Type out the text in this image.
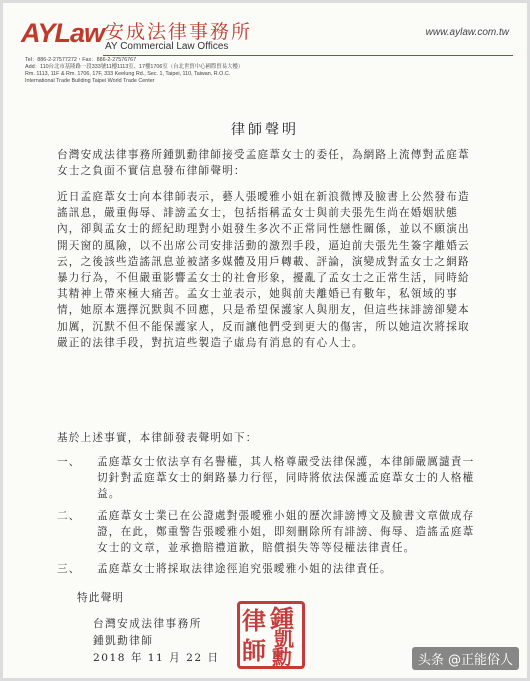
AYLaw 安成法律事務所
AY Commercial Law Offices
www.aylaw.com.tw
Tel：886-2-27577272・Fax：886-2-27576767
Add：110台北市基隆路一段333號11樓1113室、17樓1706室（台北世貿中心國際貿易大樓）
Rm. 1113, 11F & Rm. 1706, 17F, 333 Keelung Rd., Sec. 1, Taipei, 110, Taiwan, R.O.C.
International Trade Building Taipei World Trade Center
律師聲明
台灣安成法律事務所鍾凱勳律師接受孟庭葦女士的委任，為網路上流傳對孟庭葦女士之負面不實信息發布律師聲明：
近日孟庭葦女士向本律師表示，藝人張曖雅小姐在新浪微博及臉書上公然發布造謠訊息，嚴重侮辱、誹謗孟女士，包括指稱孟女士與前夫張先生尚在婚姻狀態內，卻與孟女士的經紀助理對小姐發生多次不正常同性戀性關係，並以不願演出開天窗的風險，以不出席公司安排活動的激烈手段，逼迫前夫張先生簽字離婚云云，之後該些造謠訊息並被諸多媒體及用戶轉載、評論，演變成對孟女士之網路暴力行為，不但嚴重影響孟女士的社會形象，擾亂了孟女士之正常生活，同時給其精神上帶來極大痛苦。孟女士並表示，她與前夫離婚已有數年，私領域的事情，她原本選擇沉默與不回應，只是希望保護家人與朋友，但這些抹誹謗卻變本加厲，沉默不但不能保護家人，反而讓他們受到更大的傷害，所以她這次將採取嚴正的法律手段，對抗這些製造子虛烏有消息的有心人士。
基於上述事實，本律師發表聲明如下：
一、	孟庭葦女士依法享有名譽權，其人格尊嚴受法律保護，本律師嚴厲譴責一切針對孟庭葦女士的網路暴力行徑，同時將依法保護孟庭葦女士的人格權益。
二、	孟庭葦女士業已在公證處對張曖雅小姐的歷次誹謗博文及臉書文章做成存證，在此，鄭重警告張曖雅小姐，即刻刪除所有誹謗、侮辱、造謠孟庭葦女士的文章，並承擔賠禮道歉，賠償損失等等侵權法律責任。
三、	孟庭葦女士將採取法律途徑追究張曖雅小姐的法律責任。
特此聲明
台灣安成法律事務所
鍾凱勳律師
2018 年 11 月 22 日
律 鍾
凱
師 勳	头条 @正能俗人
